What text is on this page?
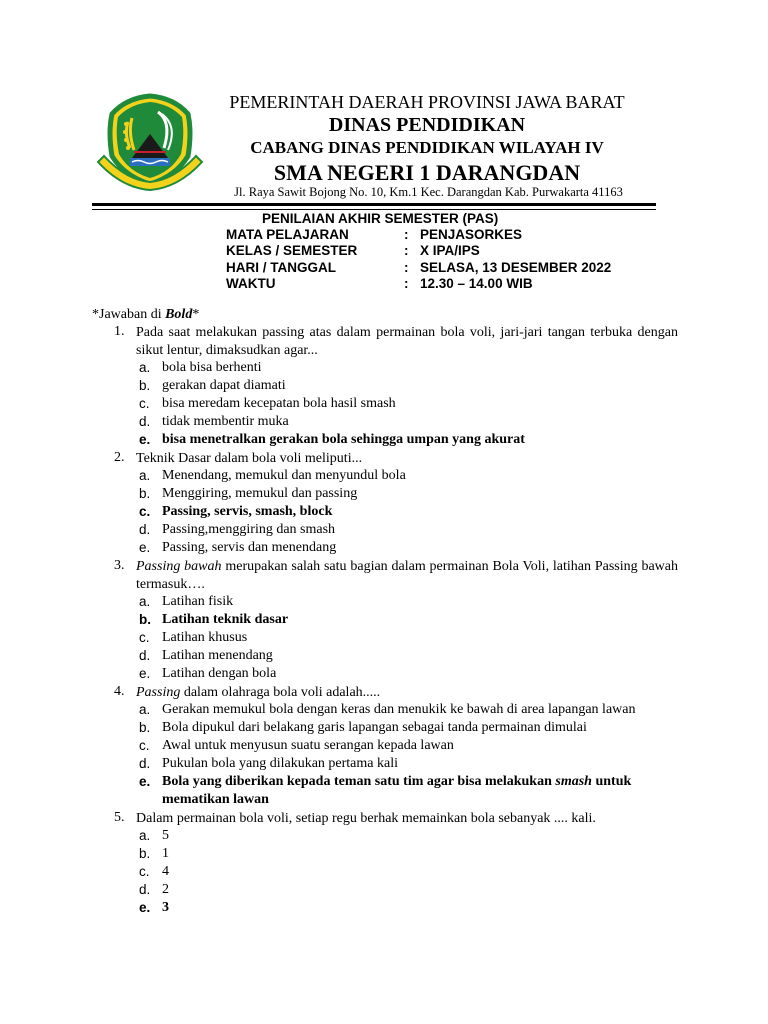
PEMERINTAH DAERAH PROVINSI JAWA BARAT
DINAS PENDIDIKAN
CABANG DINAS PENDIDIKAN WILAYAH IV
SMA NEGERI 1 DARANGDAN
Jl. Raya Sawit Bojong No. 10, Km.1 Kec. Darangdan Kab. Purwakarta 41163
PENILAIAN AKHIR SEMESTER (PAS)
MATA PELAJARAN	: PENJASORKES
KELAS / SEMESTER	: X IPA/IPS
HARI / TANGGAL	: SELASA, 13 DESEMBER 2022
WAKTU	: 12.30 – 14.00 WIB
*Jawaban di Bold*
1. Pada saat melakukan passing atas dalam permainan bola voli, jari-jari tangan terbuka dengan sikut lentur, dimaksudkan agar...
a. bola bisa berhenti
b. gerakan dapat diamati
c. bisa meredam kecepatan bola hasil smash
d. tidak membentir muka
e. bisa menetralkan gerakan bola sehingga umpan yang akurat
2. Teknik Dasar dalam bola voli meliputi...
a. Menendang, memukul dan menyundul bola
b. Menggiring, memukul dan passing
c. Passing, servis, smash, block
d. Passing,menggiring dan smash
e. Passing, servis dan menendang
3. Passing bawah merupakan salah satu bagian dalam permainan Bola Voli, latihan Passing bawah termasuk….
a. Latihan fisik
b. Latihan teknik dasar
c. Latihan khusus
d. Latihan menendang
e. Latihan dengan bola
4. Passing dalam olahraga bola voli adalah.....
a. Gerakan memukul bola dengan keras dan menukik ke bawah di area lapangan lawan
b. Bola dipukul dari belakang garis lapangan sebagai tanda permainan dimulai
c. Awal untuk menyusun suatu serangan kepada lawan
d. Pukulan bola yang dilakukan pertama kali
e. Bola yang diberikan kepada teman satu tim agar bisa melakukan smash untuk
mematikan lawan
5. Dalam permainan bola voli, setiap regu berhak memainkan bola sebanyak .... kali.
a. 5
b. 1
c. 4
d. 2
e. 3
